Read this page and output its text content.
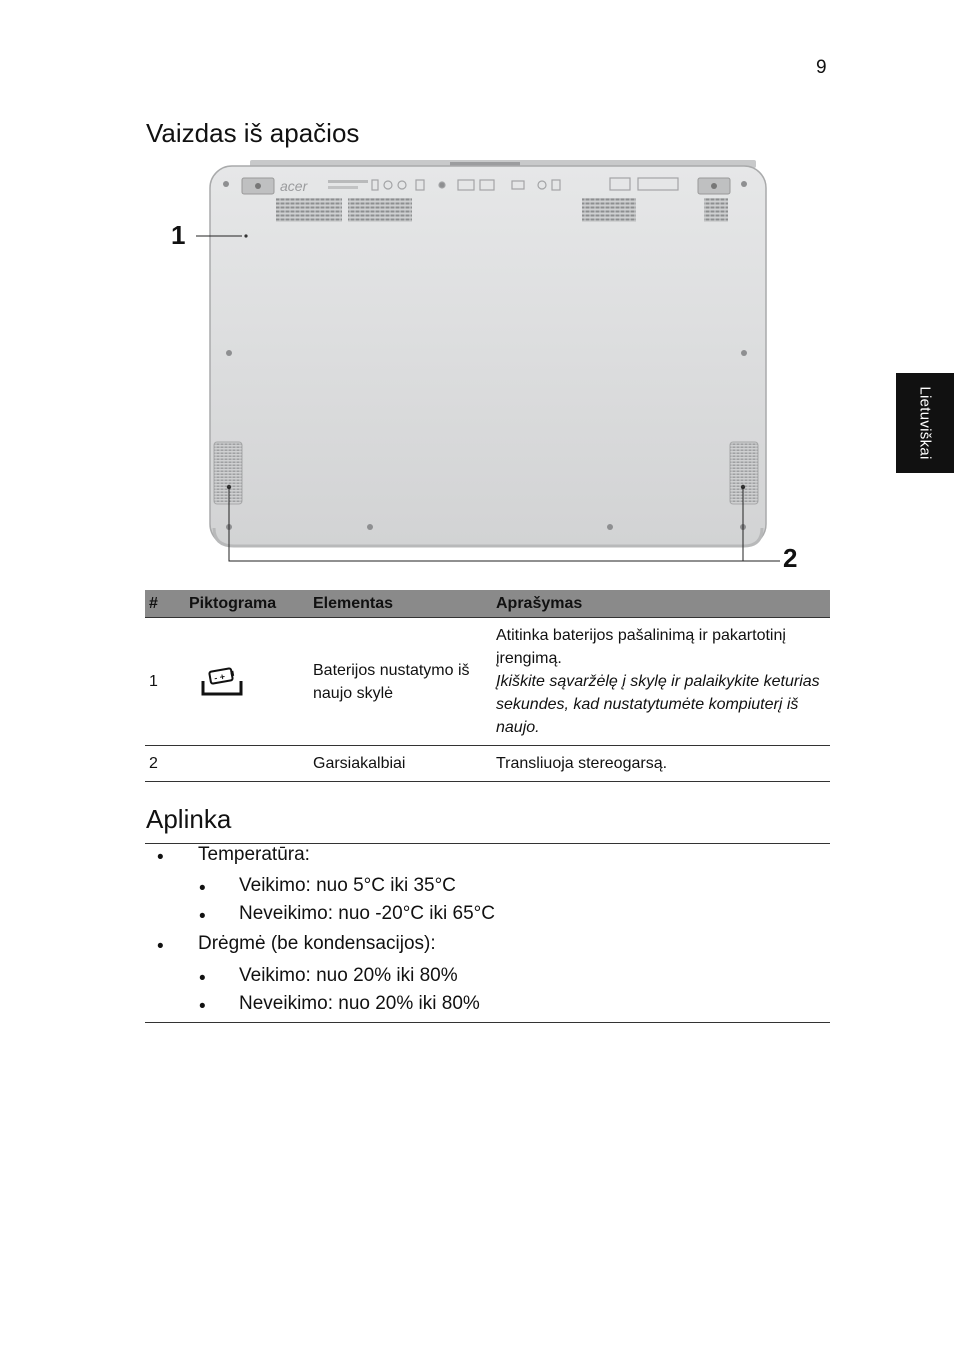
9
Lietuviškai
Vaizdas iš apačios
acer
1
2
#	Piktograma	Elementas	Aprašymas
1	- +	Baterijos nustatymo iš naujo skylė	Atitinka baterijos pašalinimą ir pakartotinį įrengimą.
Įkiškite sąvaržėlę į skylę ir palaikykite keturias sekundes, kad nustatytumėte kompiuterį iš naujo.

2		Garsiakalbiai	Transliuoja stereogarsą.
Aplinka
• Temperatūra:
• Veikimo: nuo 5°C iki 35°C
• Neveikimo: nuo -20°C iki 65°C
• Drėgmė (be kondensacijos):
• Veikimo: nuo 20% iki 80%
• Neveikimo: nuo 20% iki 80%
